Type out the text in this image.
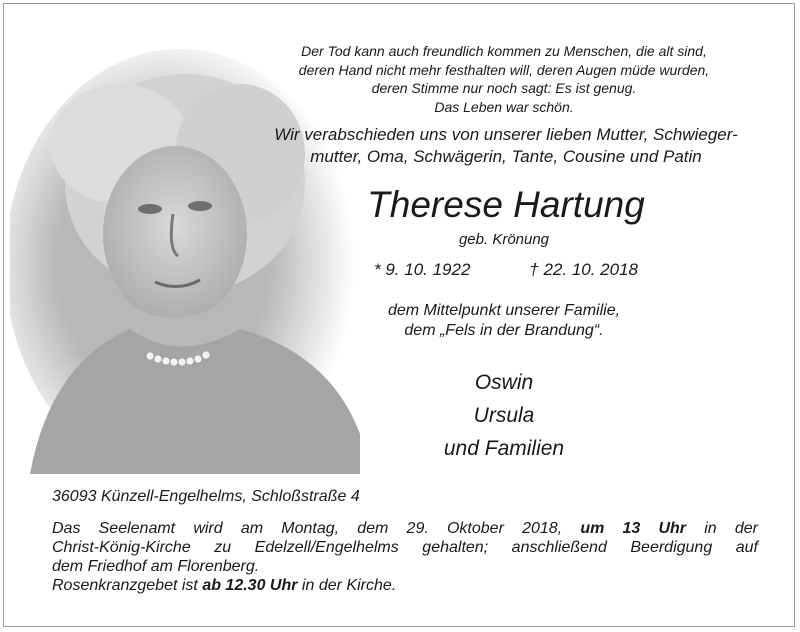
Der Tod kann auch freundlich kommen zu Menschen, die alt sind,
deren Hand nicht mehr festhalten will, deren Augen müde wurden,
deren Stimme nur noch sagt: Es ist genug.
Das Leben war schön.
Wir verabschieden uns von unserer lieben Mutter, Schwieger-
mutter, Oma, Schwägerin, Tante, Cousine und Patin
Therese Hartung
geb. Krönung
* 9. 10. 1922	† 22. 10. 2018
dem Mittelpunkt unserer Familie,
dem „Fels in der Brandung“.
Oswin
Ursula
und Familien
36093 Künzell-Engelhelms, Schloßstraße 4
Das Seelenamt wird am Montag, dem 29. Oktober 2018, um 13 Uhr in der
Christ-König-Kirche zu Edelzell/Engelhelms gehalten; anschließend Beerdigung auf
dem Friedhof am Florenberg.
Rosenkranzgebet ist ab 12.30 Uhr in der Kirche.
